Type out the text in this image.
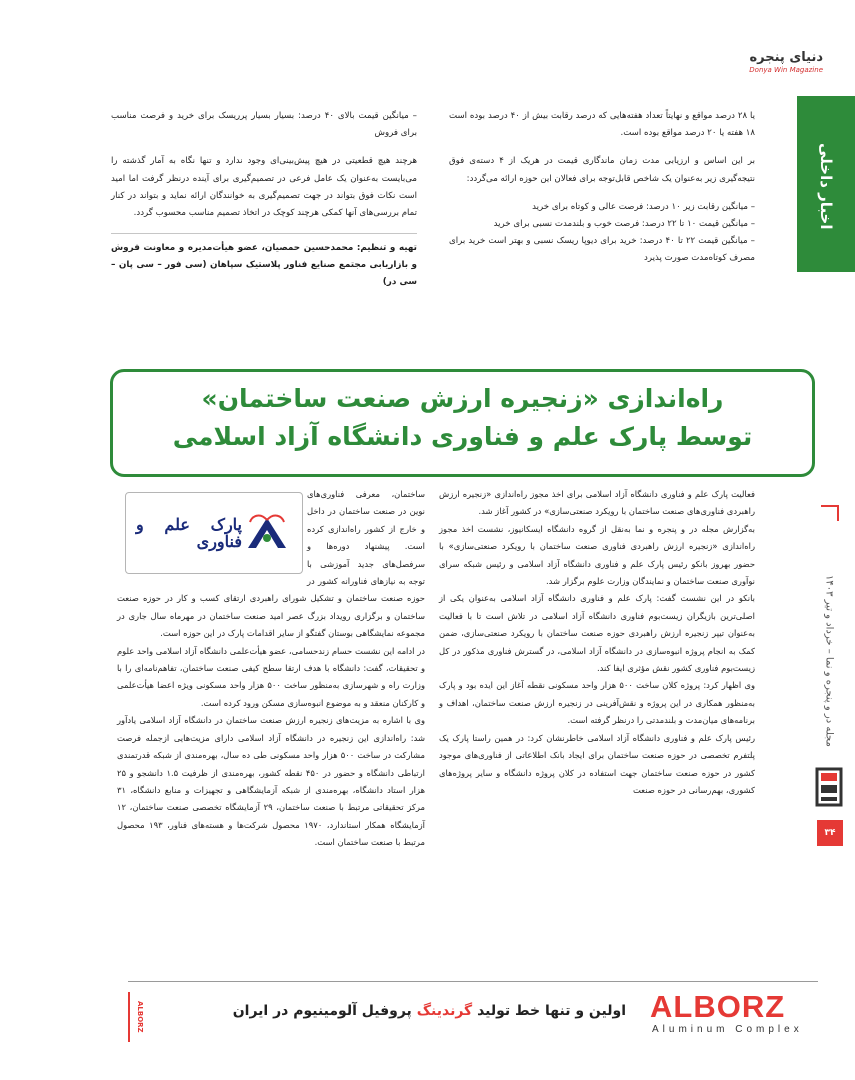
دنیای پنجره
Donya Win Magazine
اخبار داخلی

یا ۲۸ درصد مواقع و نهایتاً تعداد هفته‌هایی که درصد رقابت بیش از ۴۰ درصد بوده است ۱۸ هفته یا ۲۰ درصد مواقع بوده است.

بر این اساس و ارزیابی مدت زمان ماندگاری قیمت در هریک از ۴ دسته‌ی فوق نتیجه‌گیری زیر به‌عنوان یک شاخص قابل‌توجه برای فعالان این حوزه ارائه می‌گردد:

– میانگین رقابت زیر ۱۰ درصد: فرصت عالی و کوتاه برای خرید
– میانگین قیمت ۱۰ تا ۲۲ درصد: فرصت خوب و بلندمدت نسبی برای خرید
– میانگین قیمت ۲۲ تا ۴۰ درصد: خرید برای دیوپا ریسک نسبی و بهتر است خرید برای مصرف کوتاه‌مدت صورت پذیرد

– میانگین قیمت بالای ۴۰ درصد: بسیار بسیار پرریسک برای خرید و فرصت مناسب برای فروش

هرچند هیچ قطعیتی در هیچ پیش‌بینی‌ای وجود ندارد و تنها نگاه به آمار گذشته را می‌بایست به‌عنوان یک عامل فرعی در تصمیم‌گیری برای آینده درنظر گرفت اما امید است نکات فوق بتواند در جهت تصمیم‌گیری به خوانندگان ارائه نماید و بتواند در کنار تمام بررسی‌های آنها کمکی هرچند کوچک در اتخاذ تصمیم مناسب محسوب گردد.

تهیه و تنظیم: محمدحسین حمصیان، عضو هیأت‌مدیره و معاونت فروش و بازاریابی مجتمع صنایع فناور پلاستیک سپاهان (سی فور – سی پان – سی در)
راه‌اندازی «زنجیره ارزش صنعت ساختمان»
توسط پارک علم و فناوری دانشگاه آزاد اسلامی

فعالیت پارک علم و فناوری دانشگاه آزاد اسلامی برای اخذ مجوز راه‌اندازی «زنجیره ارزش راهبردی فناوری‌های صنعت ساختمان با رویکرد صنعتی‌سازی» در کشور آغاز شد.

به‌گزارش مجله در و پنجره و نما به‌نقل از گروه دانشگاه ایسکانیوز، نشست اخذ مجوز راه‌اندازی «زنجیره ارزش راهبردی فناوری صنعت ساختمان با رویکرد صنعتی‌سازی» با حضور بهروز بانکو رئیس پارک علم و فناوری دانشگاه آزاد اسلامی و رئیس شبکه سرای نوآوری صنعت ساختمان و نمایندگان وزارت علوم برگزار شد.

بانکو در این نشست گفت: پارک علم و فناوری دانشگاه آزاد اسلامی به‌عنوان یکی از اصلی‌ترین بازیگران زیست‌بوم فناوری دانشگاه آزاد اسلامی در تلاش است تا با فعالیت به‌عنوان تیپر زنجیره ارزش راهبردی حوزه صنعت ساختمان با رویکرد صنعتی‌سازی، ضمن کمک به انجام پروژه انبوه‌سازی در دانشگاه آزاد اسلامی، در گسترش فناوری مذکور در کل زیست‌بوم فناوری کشور نقش مؤثری ایفا کند.

وی اظهار کرد: پروژه کلان ساخت ۵۰۰ هزار واحد مسکونی نقطه آغاز این ایده بود و پارک به‌منظور همکاری در این پروژه و نقش‌آفرینی در زنجیره ارزش صنعت ساختمان، اهداف و برنامه‌های میان‌مدت و بلندمدتی را درنظر گرفته است.

رئیس پارک علم و فناوری دانشگاه آزاد اسلامی خاطرنشان کرد: در همین راستا پارک یک پلتفرم تخصصی در حوزه صنعت ساختمان برای ایجاد بانک اطلاعاتی از فناوری‌های موجود کشور در حوزه صنعت ساختمان جهت استفاده در کلان پروژه دانشگاه و سایر پروژه‌های کشوری، بهم‌رسانی در حوزه صنعت

پارک علم و فناوری

ساختمان، معرفی فناوری‌های نوین در صنعت ساختمان در داخل و خارج از کشور راه‌اندازی کرده است. پیشنهاد دوره‌ها و سرفصل‌های جدید آموزشی با توجه به نیازهای فناورانه کشور در حوزه صنعت ساختمان و تشکیل شورای راهبردی ارتقای کسب و کار در حوزه صنعت ساختمان و برگزاری رویداد بزرگ عصر امید صنعت ساختمان در مهرماه سال جاری در مجموعه نمایشگاهی بوستان گفتگو از سایر اقدامات پارک در این حوزه است.

در ادامه این نشست حسام زندحسامی، عضو هیأت‌علمی دانشگاه آزاد اسلامی واحد علوم و تحقیقات، گفت: دانشگاه با هدف ارتقا سطح کیفی صنعت ساختمان، تفاهم‌نامه‌ای را با وزارت راه و شهرسازی به‌منظور ساخت ۵۰۰ هزار واحد مسکونی ویژه اعضا هیأت‌علمی و کارکنان منعقد و به موضوع انبوه‌سازی مسکن ورود کرده است.

وی با اشاره به مزیت‌های زنجیره ارزش صنعت ساختمان در دانشگاه آزاد اسلامی یادآور شد: راه‌اندازی این زنجیره در دانشگاه آزاد اسلامی دارای مزیت‌هایی ازجمله فرصت مشارکت در ساخت ۵۰۰ هزار واحد مسکونی طی ده سال، بهره‌مندی از شبکه قدرتمندی ارتباطی دانشگاه و حضور در ۴۵۰ نقطه کشور، بهره‌مندی از ظرفیت ۱.۵ دانشجو و ۲۵ هزار استاد دانشگاه، بهره‌مندی از شبکه آزمایشگاهی و تجهیزات و منابع دانشگاه، ۳۱ مرکز تحقیقاتی مرتبط با صنعت ساختمان، ۲۹ آزمایشگاه تخصصی صنعت ساختمان، ۱۲ آزمایشگاه همکار استاندارد، ۱۹۷۰ محصول شرکت‌ها و هسته‌های فناور، ۱۹۳ محصول مرتبط با صنعت ساختمان است.

مجله در و پنجره و نما – خرداد و تیر ۱۴۰۳
۳۴
ALBORZ
Aluminum Complex
اولین و تنها خط تولید گرندینگ پروفیل آلومینیوم در ایران
ALBORZ
